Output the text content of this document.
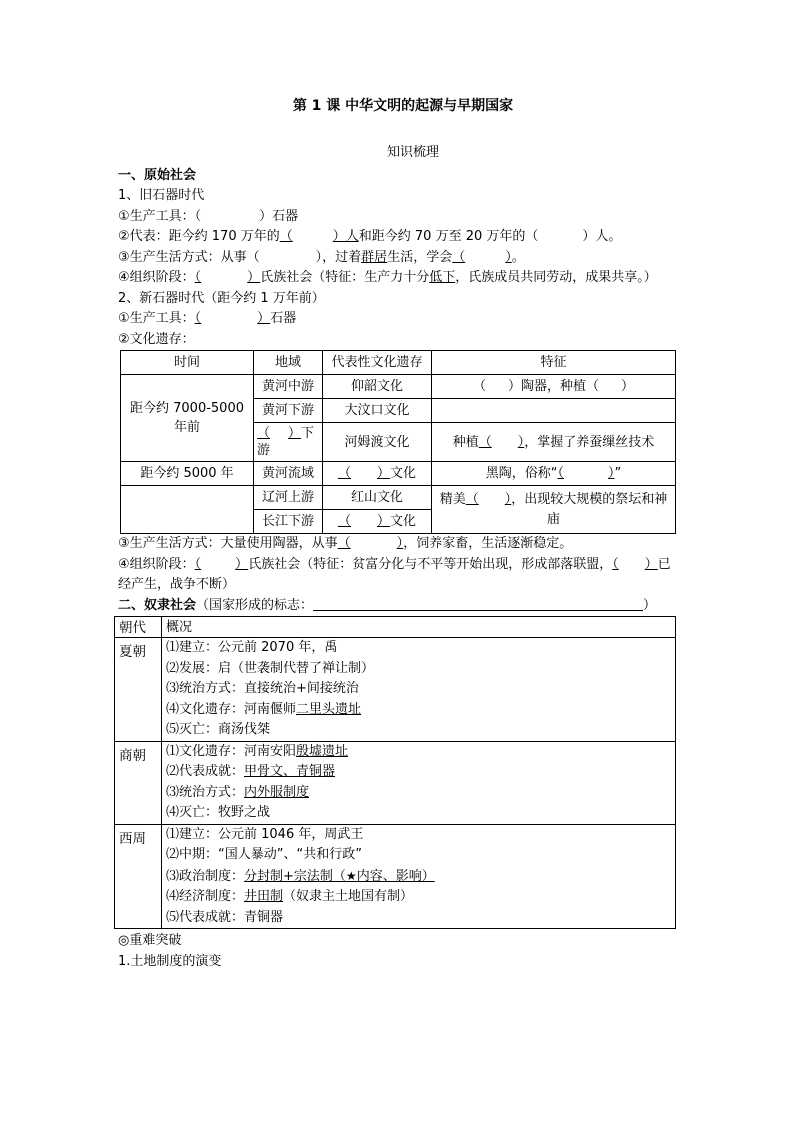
第 1 课 中华文明的起源与早期国家
知识梳理
一、原始社会
1、旧石器时代
①生产工具：（	）石器
②代表：距今约 170 万年的（	）人和距今约 70 万至 20 万年的（	）人。
③生产生活方式：从事（	），过着群居生活，学会（	）。
④组织阶段：（	）氏族社会（特征：生产力十分低下，氏族成员共同劳动，成果共享。）
2、新石器时代（距今约 1 万年前）
①生产工具：（	）石器
②文化遗存：
时间	地域	代表性文化遗存	特征
距今约 7000-5000 年前	黄河中游	仰韶文化	（ ）陶器，种植（ ）
	黄河下游	大汶口文化	
	（ ）下游	河姆渡文化	种植（ ），掌握了养蚕缫丝技术
距今约 5000 年	黄河流域	（ ）文化	黑陶，俗称“（ ）”
	辽河上游	红山文化	精美（ ），出现较大规模的祭坛和神庙
	长江下游	（ ）文化	
③生产生活方式：大量使用陶器，从事（	），饲养家畜，生活逐渐稳定。
④组织阶段：（	）氏族社会（特征：贫富分化与不平等开始出现，形成部落联盟，（ ）已经产生，战争不断）
二、奴隶社会（国家形成的标志：	）
朝代	概况
夏朝	⑴建立：公元前 2070 年，禹
⑵发展：启（世袭制代替了禅让制）
⑶统治方式：直接统治+间接统治
⑷文化遗存：河南偃师二里头遗址
⑸灭亡：商汤伐桀

商朝	⑴文化遗存：河南安阳殷墟遗址
⑵代表成就：甲骨文、青铜器
⑶统治方式：内外服制度
⑷灭亡：牧野之战

西周	⑴建立：公元前 1046 年，周武王
⑵中期：“国人暴动”、“共和行政”
⑶政治制度：分封制+宗法制（★内容、影响）
⑷经济制度：井田制（奴隶主土地国有制）
⑸代表成就：青铜器
◎重难突破
1.土地制度的演变
